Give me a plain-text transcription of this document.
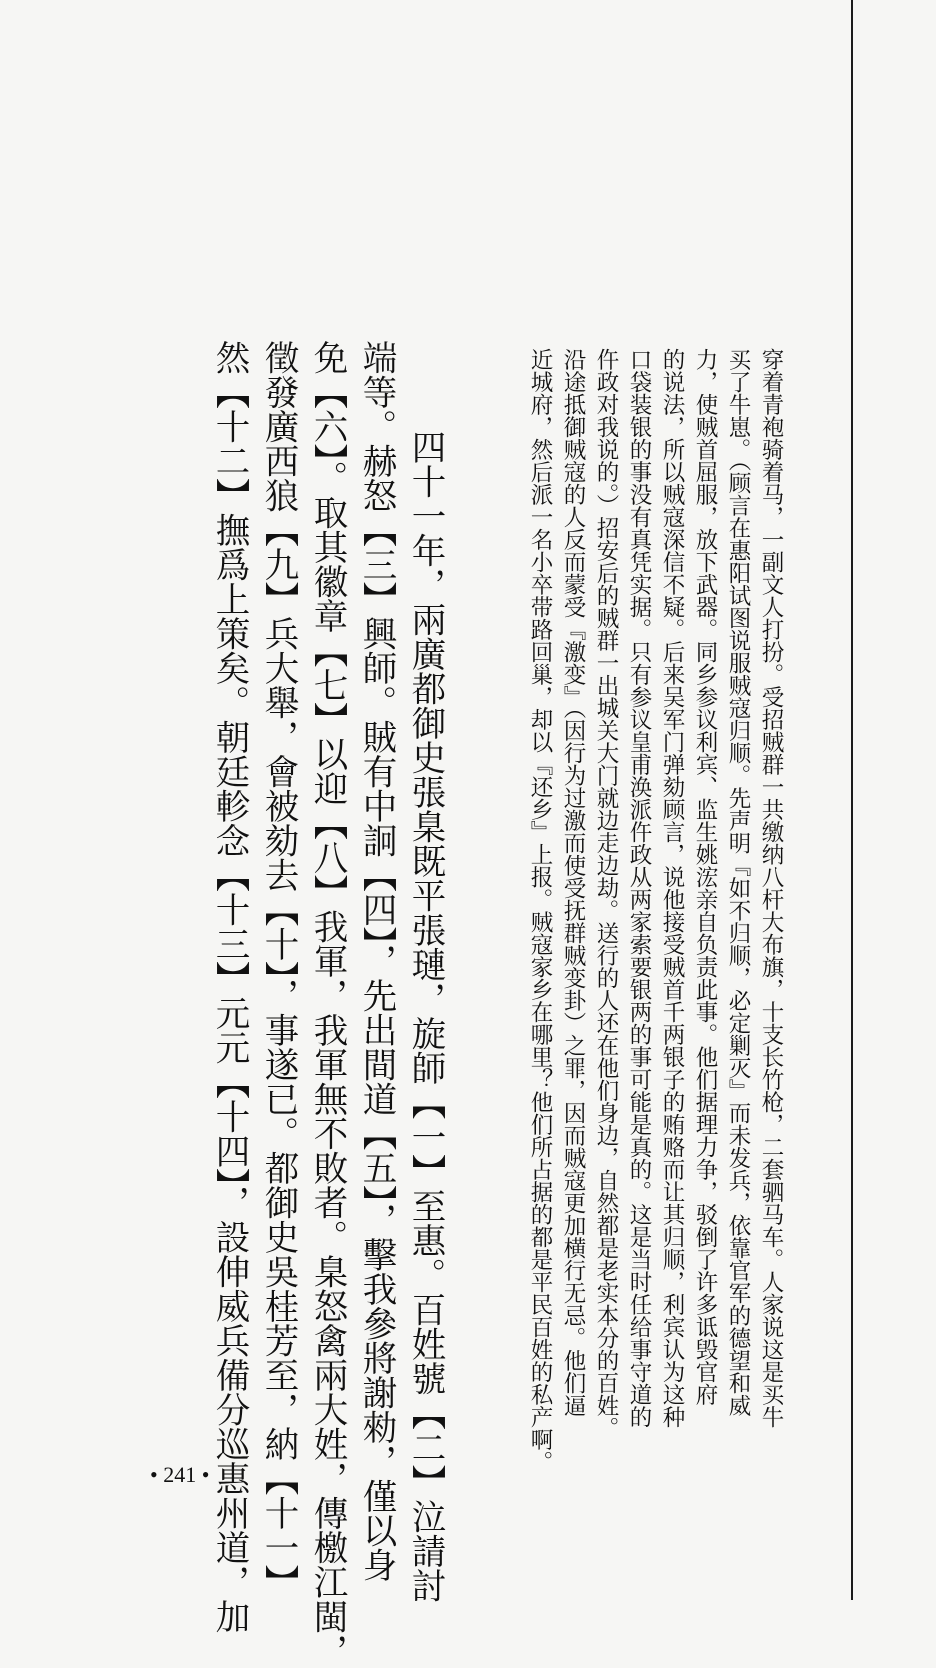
穿着青袍骑着马，一副文人打扮。受招贼群一共缴纳八杆大布旗，十支长竹枪，二套驷马车。人家说这是买牛
买了牛崽。（顾言在惠阳试图说服贼寇归顺。先声明『如不归顺，必定剿灭』而未发兵，依靠官军的德望和威
力，使贼首屈服，放下武器。同乡参议利宾、监生姚浤亲自负责此事。他们据理力争，驳倒了许多诋毁官府
的说法，所以贼寇深信不疑。后来吴军门弹劾顾言，说他接受贼首千两银子的贿赂而让其归顺，利宾认为这种
口袋装银的事没有真凭实据。只有参议皇甫涣派仵政从两家索要银两的事可能是真的。这是当时任给事守道的
仵政对我说的。）招安后的贼群一出城关大门就边走边劫。送行的人还在他们身边，自然都是老实本分的百姓。
沿途抵御贼寇的人反而蒙受『激变』（因行为过激而使受抚群贼变卦）之罪，因而贼寇更加横行无忌。他们逼
近城府，然后派一名小卒带路回巢，却以『还乡』上报。贼寇家乡在哪里？他们所占据的都是平民百姓的私产啊。
　四十一年，兩廣都御史張臬既平張璉，旋師【一】至惠。百姓號【二】泣請討
端等。赫怒【三】興師。賊有中詗【四】，先出間道【五】，擊我參將謝勑，僅以身
免【六】。取其徽章【七】以迎【八】我軍，我軍無不敗者。臬怒禽兩大姓，傳檄江閩，
徵發廣西狼【九】兵大舉，會被劾去【十】，事遂已。都御史吳桂芳至，納【十一】
然【十二】撫爲上策矣。朝廷軫念【十三】元元【十四】，設伸威兵備分巡惠州道，加
• 241 •
